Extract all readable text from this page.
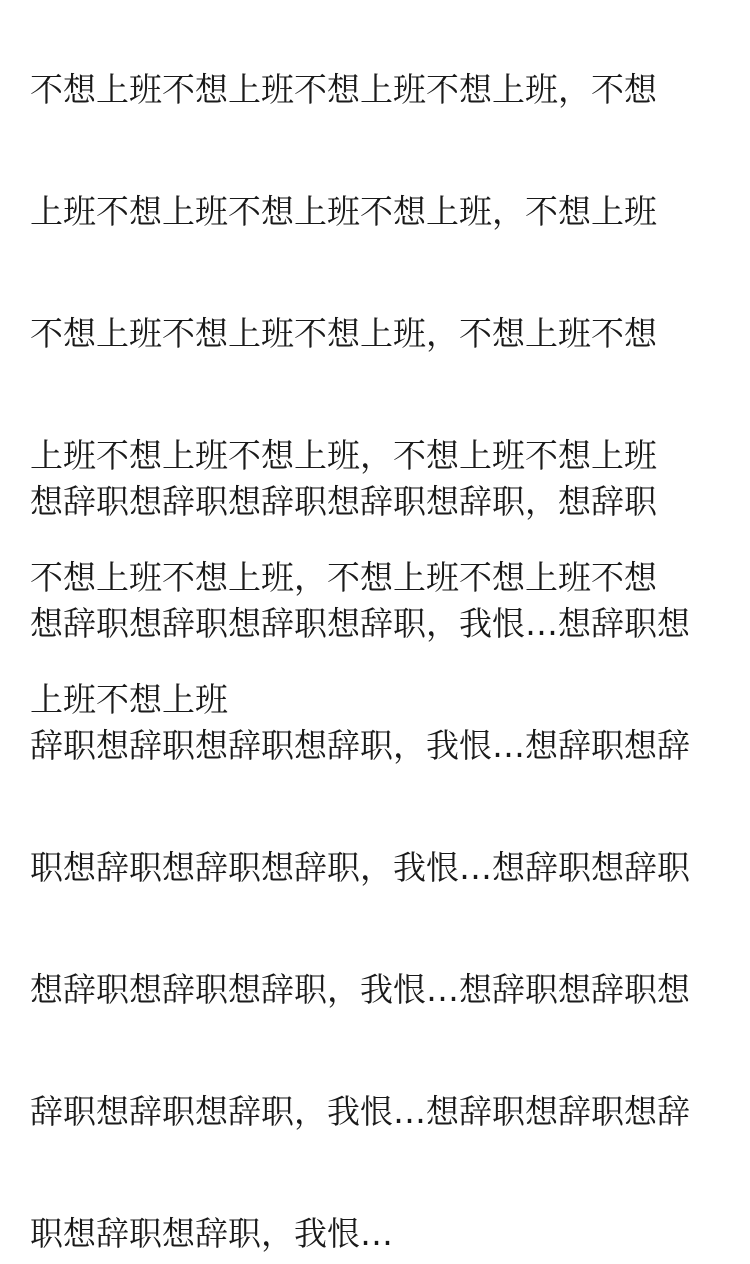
不想上班不想上班不想上班不想上班，不想

上班不想上班不想上班不想上班，不想上班

不想上班不想上班不想上班，不想上班不想

上班不想上班不想上班，不想上班不想上班

不想上班不想上班，不想上班不想上班不想

上班不想上班

想辞职想辞职想辞职想辞职想辞职，想辞职

想辞职想辞职想辞职想辞职，我恨…想辞职想

辞职想辞职想辞职想辞职，我恨…想辞职想辞

职想辞职想辞职想辞职，我恨…想辞职想辞职

想辞职想辞职想辞职，我恨…想辞职想辞职想

辞职想辞职想辞职，我恨…想辞职想辞职想辞

职想辞职想辞职，我恨…
